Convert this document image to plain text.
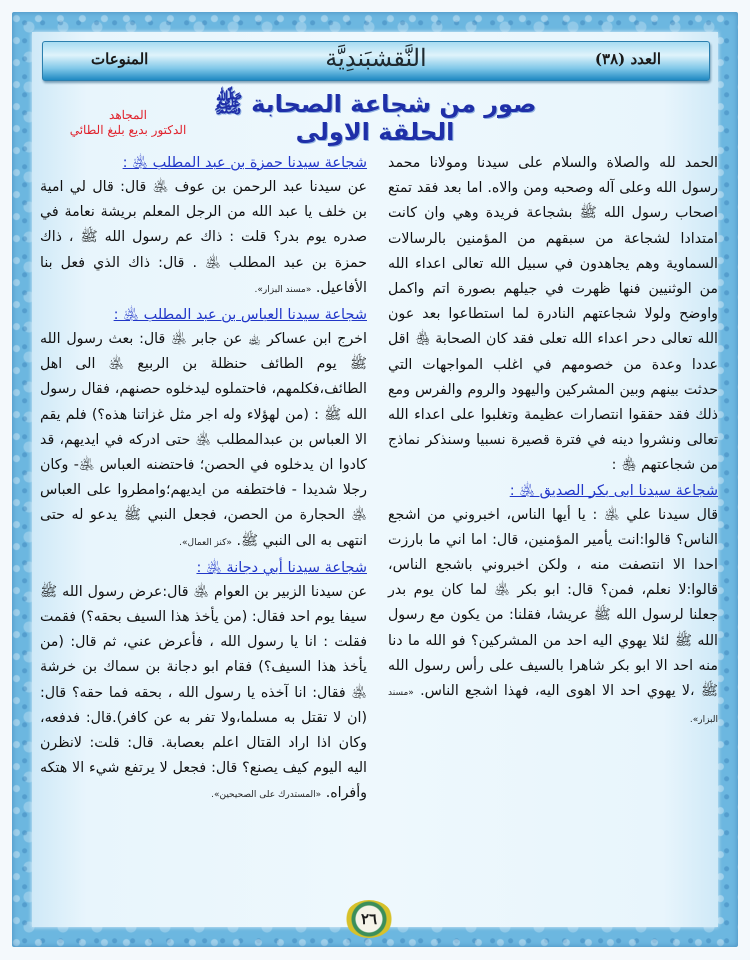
المنوعات	النَّقشبَندِيَّة	العدد (٣٨)
صور من شجاعة الصحابة ﷺ
الحلقة الاولى
المجاهد
الدكتور بديع بليغ الطائي

الحمد لله والصلاة والسلام على سيدنا ومولانا محمد رسول الله وعلى آله وصحبه ومن والاه. اما بعد فقد تمتع اصحاب رسول الله ﷺ بشجاعة فريدة وهي وان كانت امتدادا لشجاعة من سبقهم من المؤمنين بالرسالات السماوية وهم يجاهدون في سبيل الله تعالى اعداء الله من الوثنيين فنها ظهرت في جيلهم بصورة اتم واكمل واوضح ولولا شجاعتهم النادرة لما استطاعوا بعد عون الله تعالى دحر اعداء الله تعلى فقد كان الصحابة ﵃ اقل عددا وعدة من خصومهم في اغلب المواجهات التي حدثت بينهم وبين المشركين واليهود والروم والفرس ومع ذلك فقد حققوا انتصارات عظيمة وتغلبوا على اعداء الله تعالى ونشروا دينه في فترة قصيرة نسبيا وسنذكر نماذج من شجاعتهم ﵃ :

شجاعة سيدنا ابى بكر الصديق ﵁ :

قال سيدنا علي ﵁ : يا أيها الناس، اخبروني من اشجع الناس؟ قالوا:انت يأمير المؤمنين، قال: اما اني ما بارزت احدا الا انتصفت منه ، ولكن اخبروني باشجع الناس، قالوا:لا نعلم، فمن؟ قال: ابو بكر ﵁ لما كان يوم بدر جعلنا لرسول الله ﷺ عريشا، فقلنا: من يكون مع رسول الله ﷺ لئلا يهوي اليه احد من المشركين؟ فو الله ما دنا منه احد الا ابو بكر شاهرا بالسيف على رأس رسول الله ﷺ ،لا يهوي احد الا اهوى اليه، فهذا اشجع الناس. «مسند البزار».

شجاعة سيدنا حمزة بن عبد المطلب ﵁ :

عن سيدنا عبد الرحمن بن عوف ﵁ قال: قال لي امية بن خلف يا عبد الله من الرجل المعلم بريشة نعامة في صدره يوم بدر؟ قلت : ذاك عم رسول الله ﷺ ، ذاك حمزة بن عبد المطلب ﵁ . قال: ذاك الذي فعل بنا الأفاعيل. «مسند البزار».

شجاعة سيدنا العباس بن عبد المطلب ﵁ :

اخرج ابن عساكر ﵀ عن جابر ﵁ قال: بعث رسول الله ﷺ يوم الطائف حنظلة بن الربيع ﵁ الى اهل الطائف،فكلمهم، فاحتملوه ليدخلوه حصنهم، فقال رسول الله ﷺ : (من لهؤلاء وله اجر مثل غزاتنا هذه؟) فلم يقم الا العباس بن عبدالمطلب ﵁ حتى ادركه في ايديهم، قد كادوا ان يدخلوه في الحصن؛ فاحتضنه العباس ﵁- وكان رجلا شديدا - فاختطفه من ايديهم؛وامطروا على العباس ﵁ الحجارة من الحصن، فجعل النبي ﷺ يدعو له حتى انتهى به الى النبي ﷺ. «كنز العمال».

شجاعة سيدنا أبي دجانة ﵁ :

عن سيدنا الزبير بن العوام ﵁ قال:عرض رسول الله ﷺ سيفا يوم احد فقال: (من يأخذ هذا السيف بحقه؟) فقمت فقلت : انا يا رسول الله ، فأعرض عني، ثم قال: (من يأخذ هذا السيف؟) فقام ابو دجانة بن سماك بن خرشة ﵁ فقال: انا آخذه يا رسول الله ، بحقه فما حقه؟ قال: (ان لا تقتل به مسلما،ولا تفر به عن كافر).قال: فدفعه، وكان اذا اراد القتال اعلم بعصابة. قال: قلت: لانظرن اليه اليوم كيف يصنع؟ قال: فجعل لا يرتفع شيء الا هتكه وأفراه. «المستدرك على الصحيحين».

٢٦
